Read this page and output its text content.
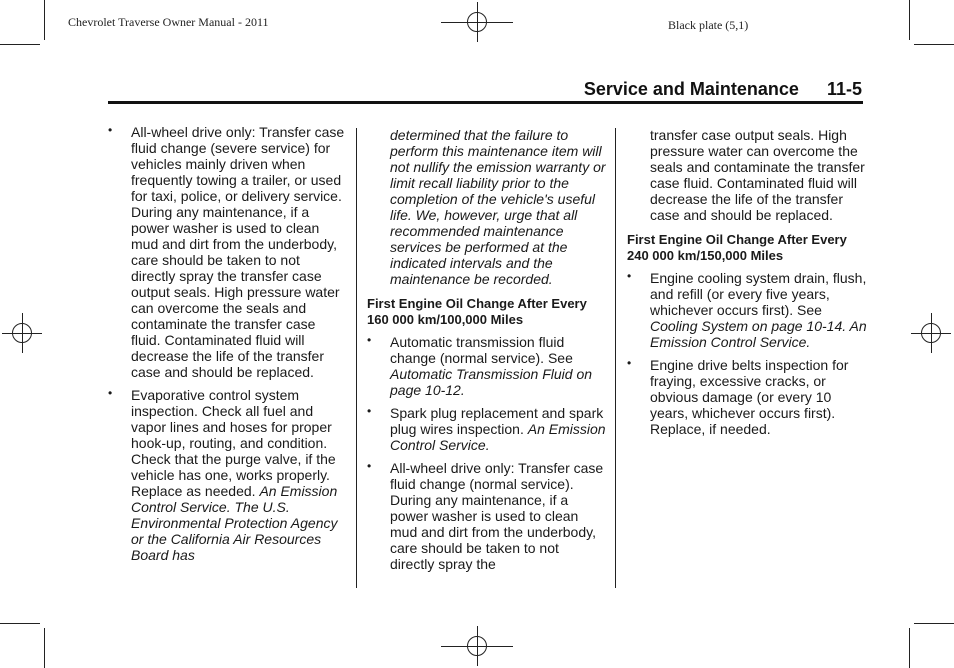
Chevrolet Traverse Owner Manual - 2011	Black plate (5,1)
Service and Maintenance 11-5
• All-wheel drive only: Transfer case fluid change (severe service) for vehicles mainly driven when frequently towing a trailer, or used for taxi, police, or delivery service. During any maintenance, if a power washer is used to clean mud and dirt from the underbody, care should be taken to not directly spray the transfer case output seals. High pressure water can overcome the seals and contaminate the transfer case fluid. Contaminated fluid will decrease the life of the transfer case and should be replaced.
• Evaporative control system inspection. Check all fuel and vapor lines and hoses for proper hook-up, routing, and condition. Check that the purge valve, if the vehicle has one, works properly. Replace as needed. An Emission Control Service. The U.S. Environmental Protection Agency or the California Air Resources Board has
determined that the failure to perform this maintenance item will not nullify the emission warranty or limit recall liability prior to the completion of the vehicle's useful life. We, however, urge that all recommended maintenance services be performed at the indicated intervals and the maintenance be recorded.
First Engine Oil Change After Every 160 000 km/100,000 Miles
• Automatic transmission fluid change (normal service). See Automatic Transmission Fluid on page 10-12.
• Spark plug replacement and spark plug wires inspection. An Emission Control Service.
• All-wheel drive only: Transfer case fluid change (normal service). During any maintenance, if a power washer is used to clean mud and dirt from the underbody, care should be taken to not directly spray the
transfer case output seals. High pressure water can overcome the seals and contaminate the transfer case fluid. Contaminated fluid will decrease the life of the transfer case and should be replaced.
First Engine Oil Change After Every 240 000 km/150,000 Miles
• Engine cooling system drain, flush, and refill (or every five years, whichever occurs first). See Cooling System on page 10-14. An Emission Control Service.
• Engine drive belts inspection for fraying, excessive cracks, or obvious damage (or every 10 years, whichever occurs first). Replace, if needed.
